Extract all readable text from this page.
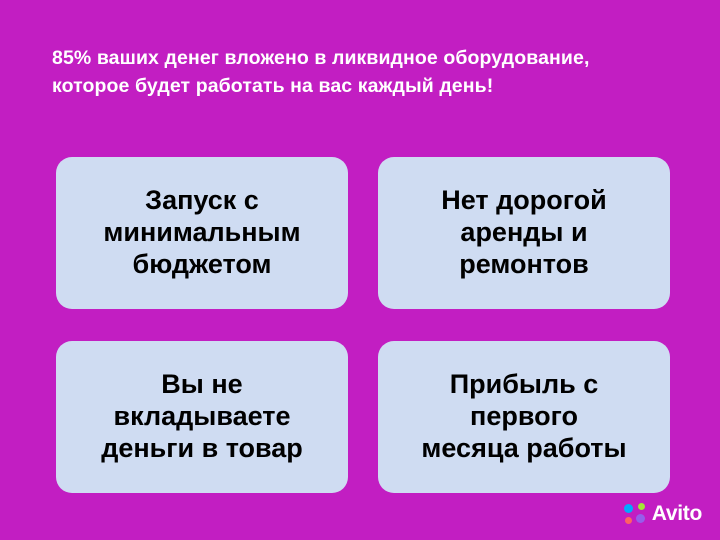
85% ваших денег вложено в ликвидное оборудование,
которое будет работать на вас каждый день!
Запуск с
минимальным
бюджетом
Нет дорогой
аренды и
ремонтов
Вы не
вкладываете
деньги в товар
Прибыль с
первого
месяца работы
Avito
